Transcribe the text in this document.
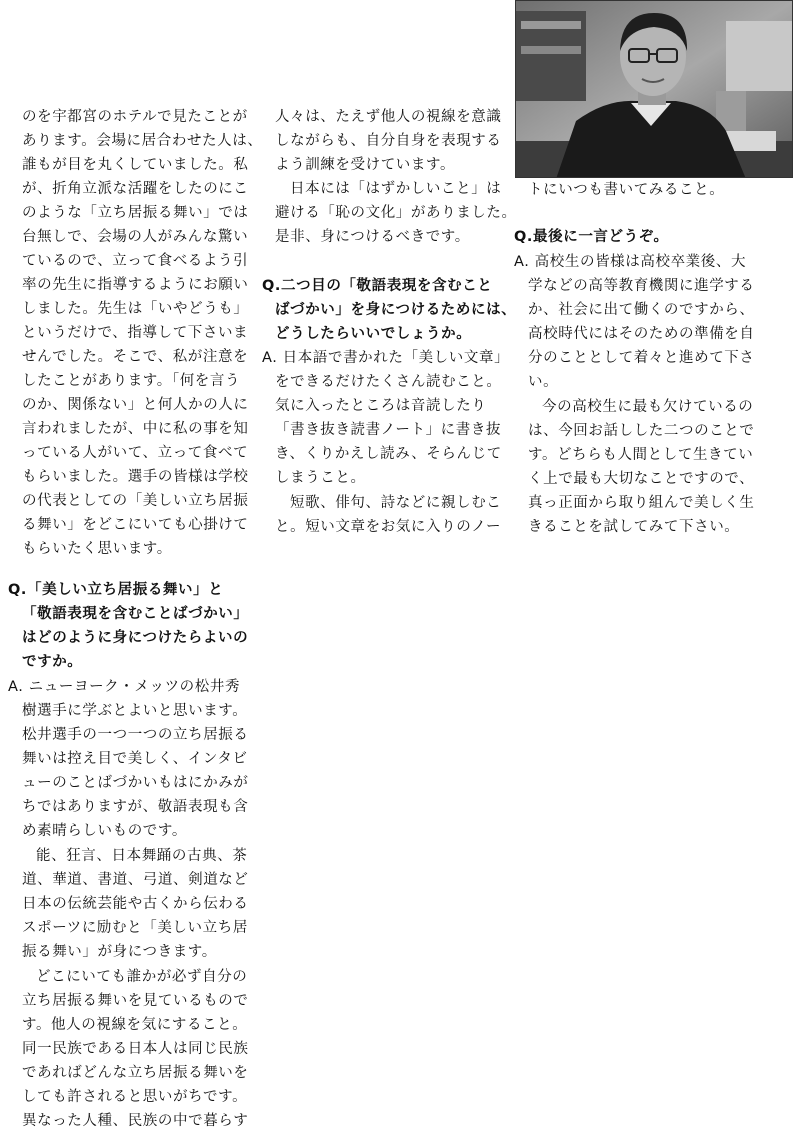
のを宇都宮のホテルで見たことが
あります。会場に居合わせた人は、
誰もが目を丸くしていました。私
が、折角立派な活躍をしたのにこ
のような「立ち居振る舞い」では
台無しで、会場の人がみんな驚い
ているので、立って食べるよう引
率の先生に指導するようにお願い
しました。先生は「いやどうも」
というだけで、指導して下さいま
せんでした。そこで、私が注意を
したことがあります。「何を言う
のか、関係ない」と何人かの人に
言われましたが、中に私の事を知
っている人がいて、立って食べて
もらいました。選手の皆様は学校
の代表としての「美しい立ち居振
る舞い」をどこにいても心掛けて
もらいたく思います。
Q.「美しい立ち居振る舞い」と
「敬語表現を含むことばづかい」
はどのように身につけたらよいの
ですか。
A. ニューヨーク・メッツの松井秀
樹選手に学ぶとよいと思います。
松井選手の一つ一つの立ち居振る
舞いは控え目で美しく、インタビ
ューのことばづかいもはにかみが
ちではありますが、敬語表現も含
め素晴らしいものです。
能、狂言、日本舞踊の古典、茶
道、華道、書道、弓道、剣道など
日本の伝統芸能や古くから伝わる
スポーツに励むと「美しい立ち居
振る舞い」が身につきます。
どこにいても誰かが必ず自分の
立ち居振る舞いを見ているもので
す。他人の視線を気にすること。
同一民族である日本人は同じ民族
であればどんな立ち居振る舞いを
しても許されると思いがちです。
異なった人種、民族の中で暮らす
人々は、たえず他人の視線を意識
しながらも、自分自身を表現する
よう訓練を受けています。
日本には「はずかしいこと」は
避ける「恥の文化」がありました。
是非、身につけるべきです。
Q.二つ目の「敬語表現を含むこと
ばづかい」を身につけるためには、
どうしたらいいでしょうか。
A. 日本語で書かれた「美しい文章」
をできるだけたくさん読むこと。
気に入ったところは音読したり
「書き抜き読書ノート」に書き抜
き、くりかえし読み、そらんじて
しまうこと。
短歌、俳句、詩などに親しむこ
と。短い文章をお気に入りのノー
トにいつも書いてみること。
Q.最後に一言どうぞ。
A. 高校生の皆様は高校卒業後、大
学などの高等教育機関に進学する
か、社会に出て働くのですから、
高校時代にはそのための準備を自
分のこととして着々と進めて下さ
い。
今の高校生に最も欠けているの
は、今回お話しした二つのことで
す。どちらも人間として生きてい
く上で最も大切なことですので、
真っ正面から取り組んで美しく生
きることを試してみて下さい。
